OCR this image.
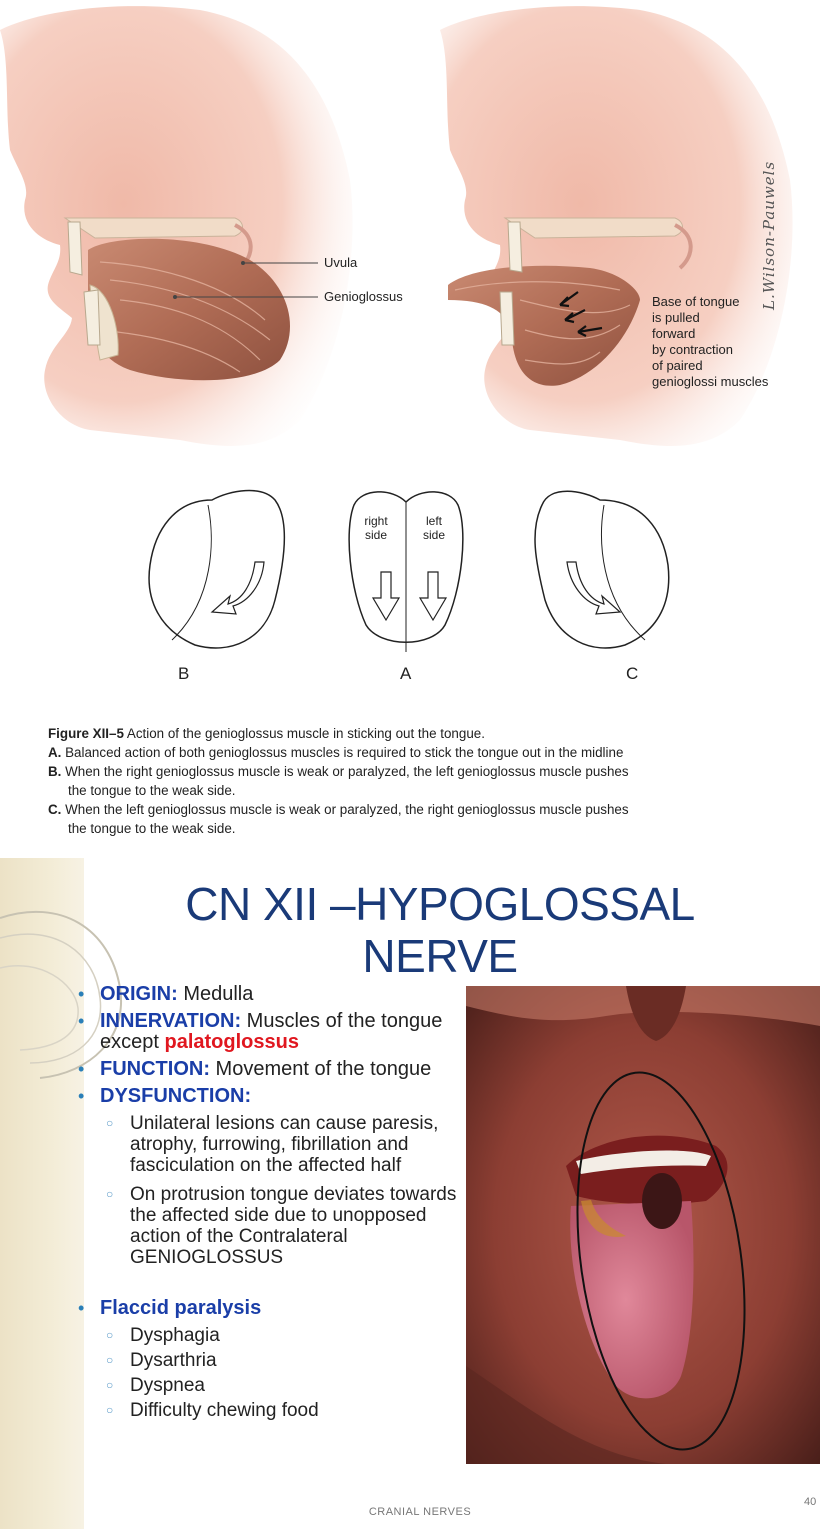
Uvula
Genioglossus	Base of tongue
is pulled
forward
by contraction
of paired
genioglossi muscles
L.Wilson-Pauwels
right
side
left
side
B	A	C
Figure XII–5 Action of the genioglossus muscle in sticking out the tongue.
A. Balanced action of both genioglossus muscles is required to stick the tongue out in the midline
B. When the right genioglossus muscle is weak or paralyzed, the left genioglossus muscle pushes
the tongue to the weak side.
C. When the left genioglossus muscle is weak or paralyzed, the right genioglossus muscle pushes
the tongue to the weak side.
CN XII –HYPOGLOSSAL
NERVE
• ORIGIN: Medulla
• INNERVATION: Muscles of the tongue except palatoglossus
• FUNCTION: Movement of the tongue
• DYSFUNCTION:
○ Unilateral lesions can cause paresis, atrophy, furrowing, fibrillation and fasciculation on the affected half
○ On protrusion tongue deviates towards the affected side due to unopposed action of the Contralateral GENIOGLOSSUS
• Flaccid paralysis
○ Dysphagia
○ Dysarthria
○ Dyspnea
○ Difficulty chewing food
CRANIAL NERVES
40
